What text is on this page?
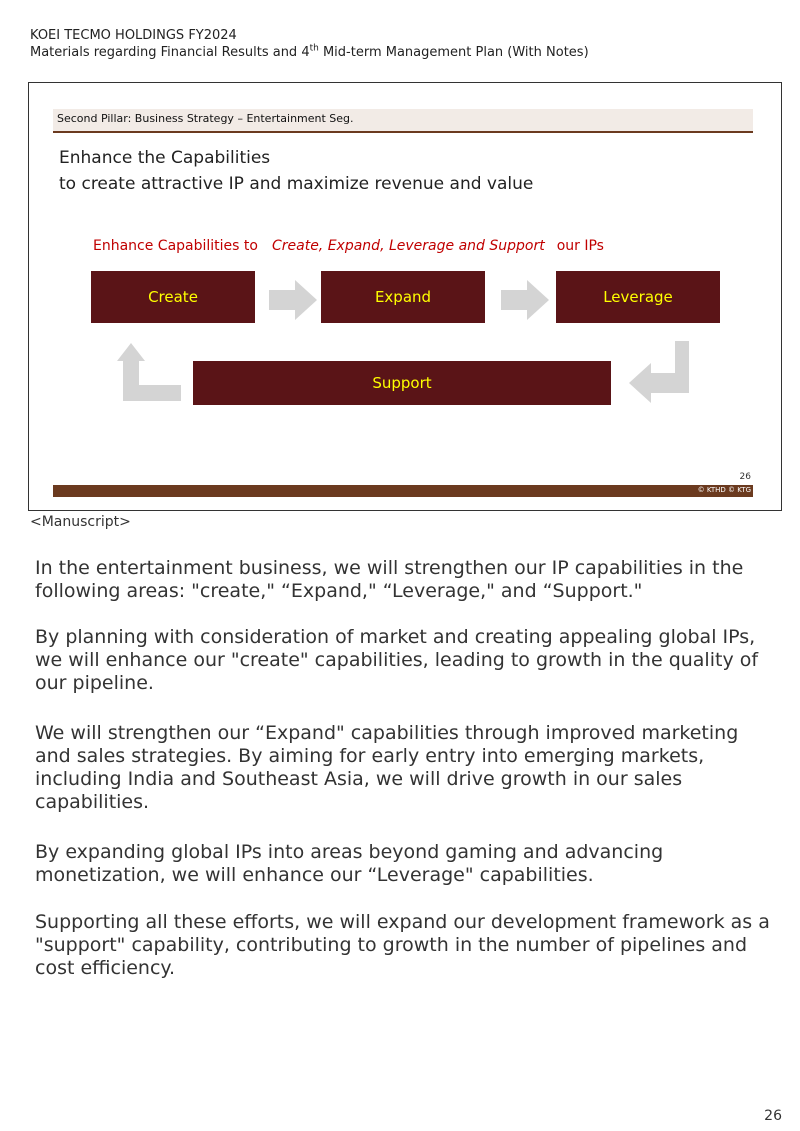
KOEI TECMO HOLDINGS FY2024
Materials regarding Financial Results and 4th Mid-term Management Plan (With Notes)
Second Pillar: Business Strategy – Entertainment Seg.
Enhance the Capabilities
to create attractive IP and maximize revenue and value
Enhance Capabilities to Create, Expand, Leverage and Support our IPs
Create	Expand	Leverage
Support
26
© KTHD © KTG
<Manuscript>

In the entertainment business, we will strengthen our IP capabilities in the following areas: "create," “Expand," “Leverage," and “Support."

By planning with consideration of market and creating appealing global IPs, we will enhance our "create" capabilities, leading to growth in the quality of our pipeline.

We will strengthen our “Expand" capabilities through improved marketing and sales strategies. By aiming for early entry into emerging markets, including India and Southeast Asia, we will drive growth in our sales capabilities.

By expanding global IPs into areas beyond gaming and advancing monetization, we will enhance our “Leverage" capabilities.

Supporting all these efforts, we will expand our development framework as a "support" capability, contributing to growth in the number of pipelines and cost efficiency.

26
